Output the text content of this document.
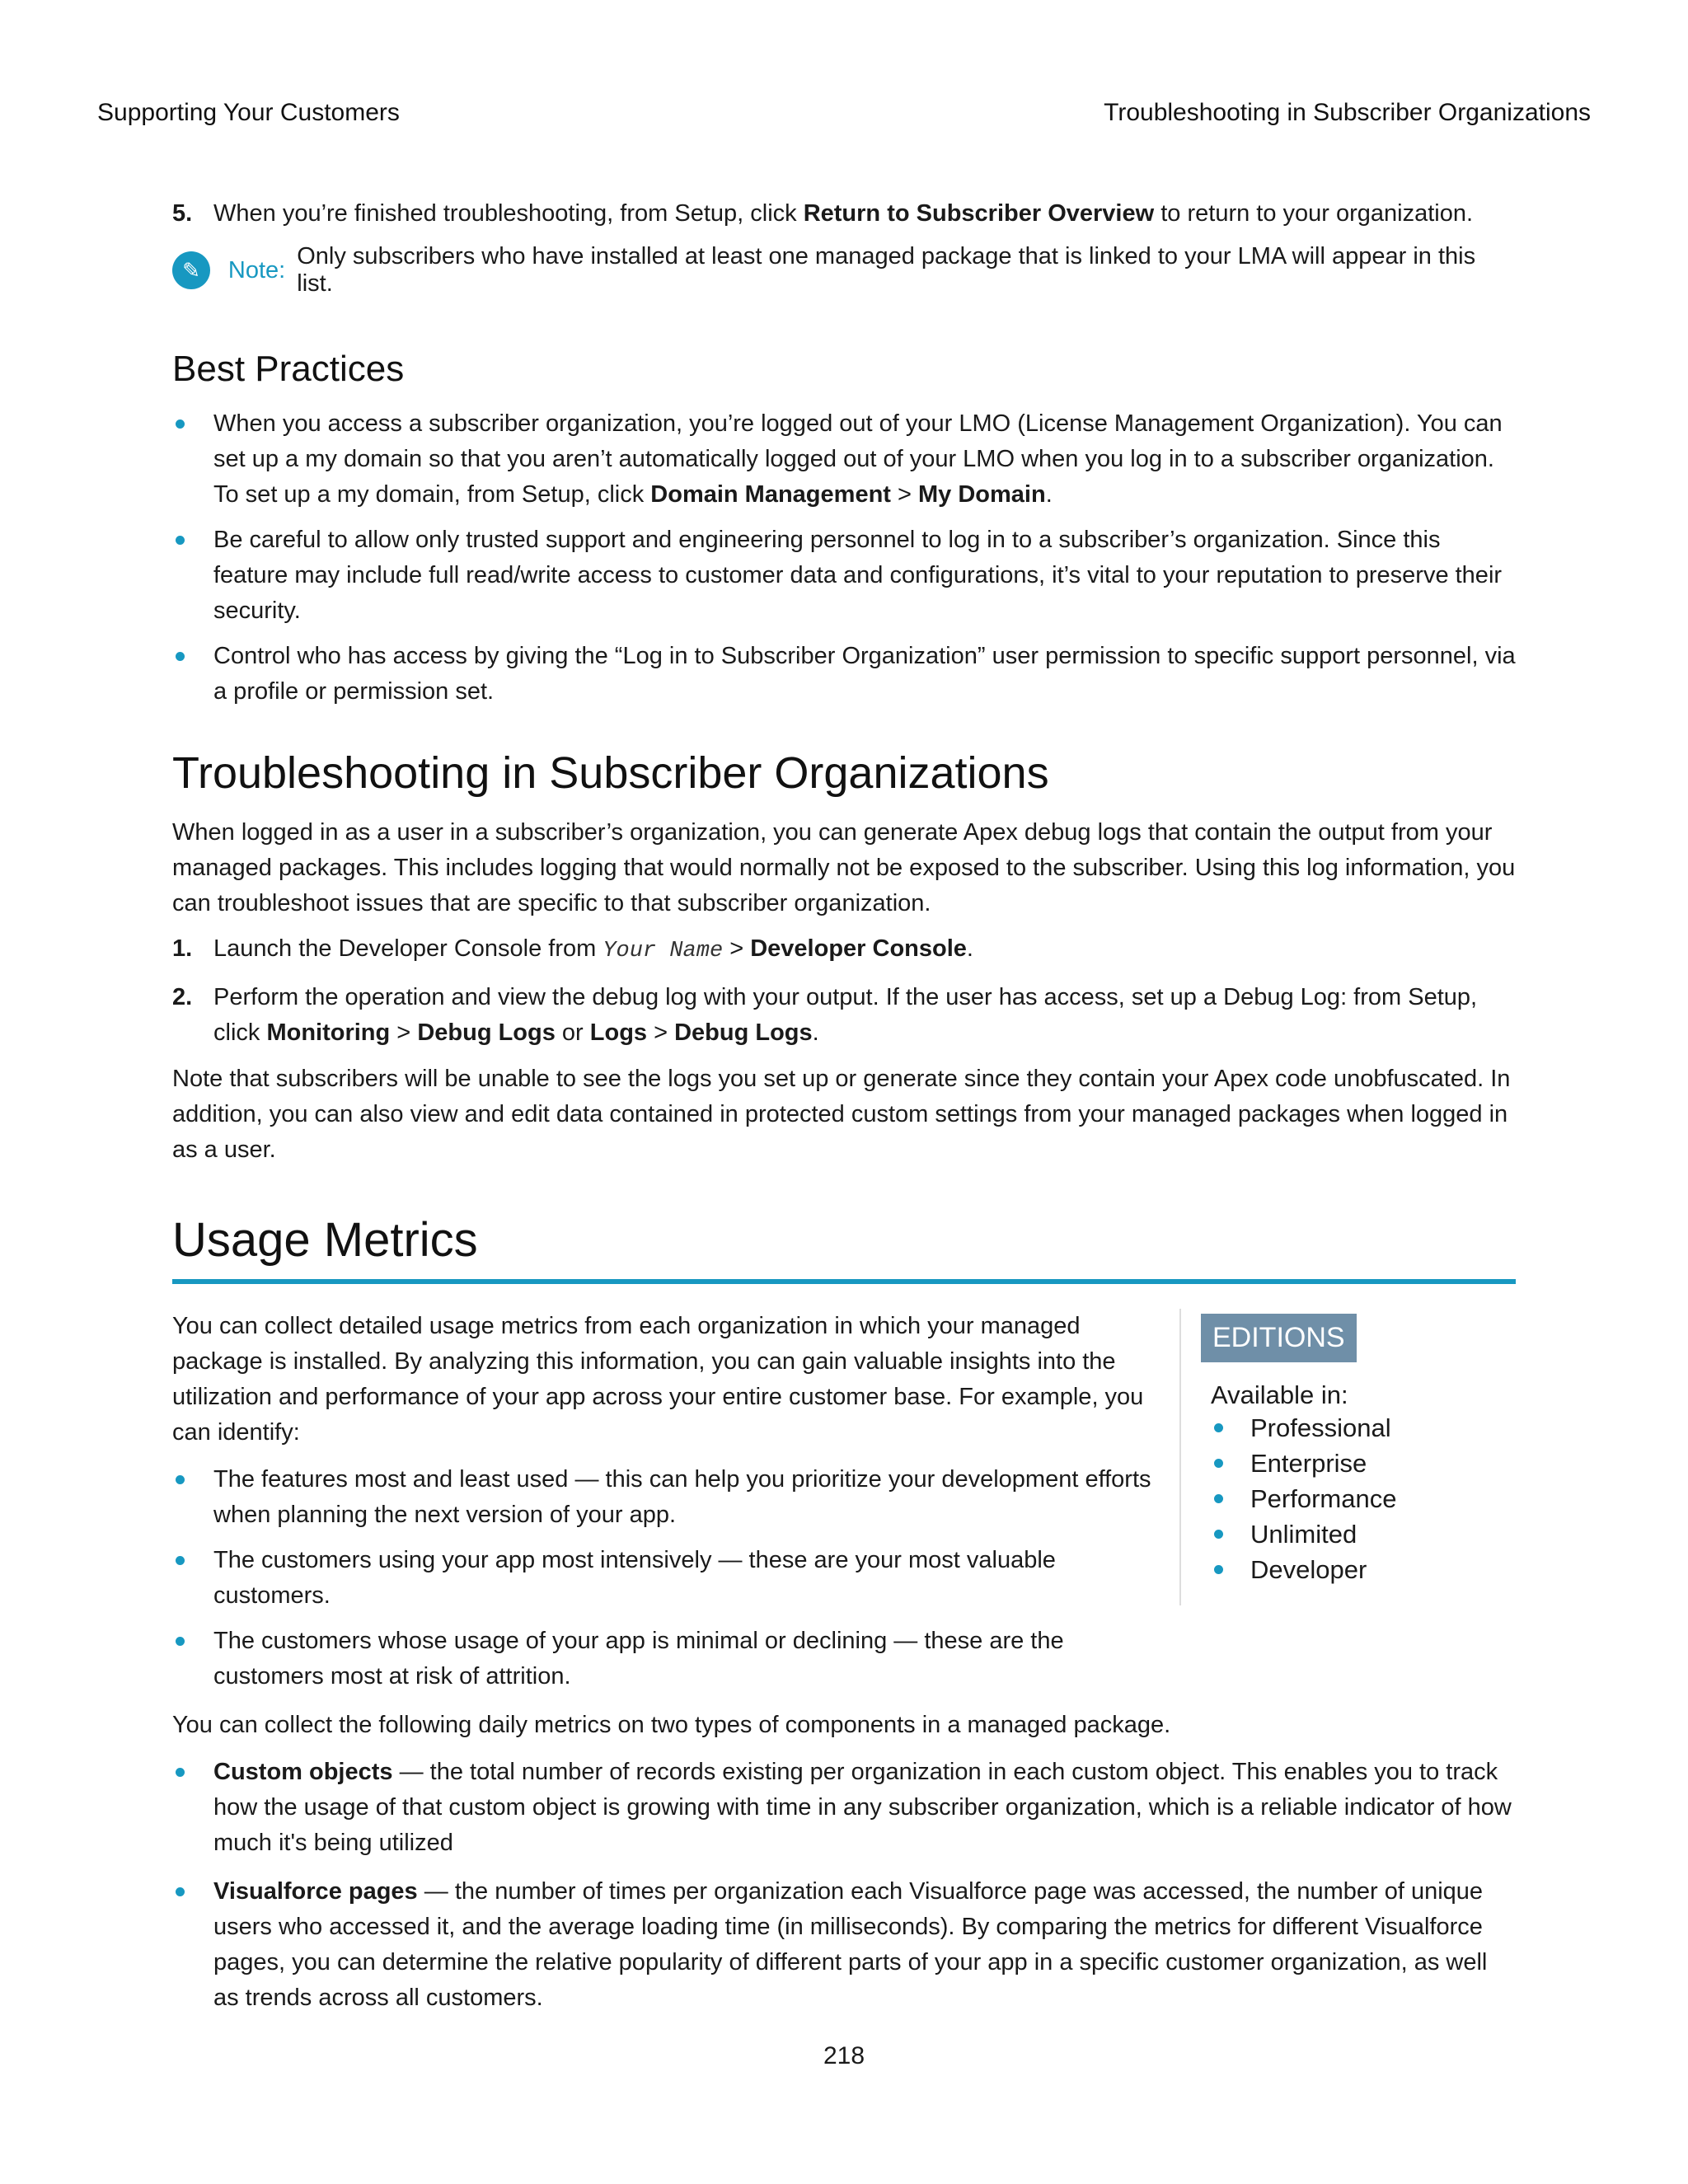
Supporting Your Customers	Troubleshooting in Subscriber Organizations
5. When you’re finished troubleshooting, from Setup, click Return to Subscriber Overview to return to your organization.
✎	Note:
Only subscribers who have installed at least one managed package that is linked to your LMA will appear in this list.
Best Practices
When you access a subscriber organization, you’re logged out of your LMO (License Management Organization). You can set up a my domain so that you aren’t automatically logged out of your LMO when you log in to a subscriber organization. To set up a my domain, from Setup, click Domain Management > My Domain.
Be careful to allow only trusted support and engineering personnel to log in to a subscriber’s organization. Since this feature may include full read/write access to customer data and configurations, it’s vital to your reputation to preserve their security.
Control who has access by giving the “Log in to Subscriber Organization” user permission to specific support personnel, via a profile or permission set.
Troubleshooting in Subscriber Organizations

When logged in as a user in a subscriber’s organization, you can generate Apex debug logs that contain the output from your managed packages. This includes logging that would normally not be exposed to the subscriber. Using this log information, you can troubleshoot issues that are specific to that subscriber organization.

1. Launch the Developer Console from Your Name > Developer Console.
2. Perform the operation and view the debug log with your output. If the user has access, set up a Debug Log: from Setup, click Monitoring > Debug Logs or Logs > Debug Logs.

Note that subscribers will be unable to see the logs you set up or generate since they contain your Apex code unobfuscated. In addition, you can also view and edit data contained in protected custom settings from your managed packages when logged in as a user.

Usage Metrics

You can collect detailed usage metrics from each organization in which your managed package is installed. By analyzing this information, you can gain valuable insights into the utilization and performance of your app across your entire customer base. For example, you can identify:

The features most and least used — this can help you prioritize your development efforts when planning the next version of your app.
The customers using your app most intensively — these are your most valuable customers.
The customers whose usage of your app is minimal or declining — these are the customers most at risk of attrition.
EDITIONS
Available in:
Professional
Enterprise
Performance
Unlimited
Developer

You can collect the following daily metrics on two types of components in a managed package.

Custom objects — the total number of records existing per organization in each custom object. This enables you to track how the usage of that custom object is growing with time in any subscriber organization, which is a reliable indicator of how much it's being utilized
Visualforce pages — the number of times per organization each Visualforce page was accessed, the number of unique users who accessed it, and the average loading time (in milliseconds). By comparing the metrics for different Visualforce pages, you can determine the relative popularity of different parts of your app in a specific customer organization, as well as trends across all customers.
218
